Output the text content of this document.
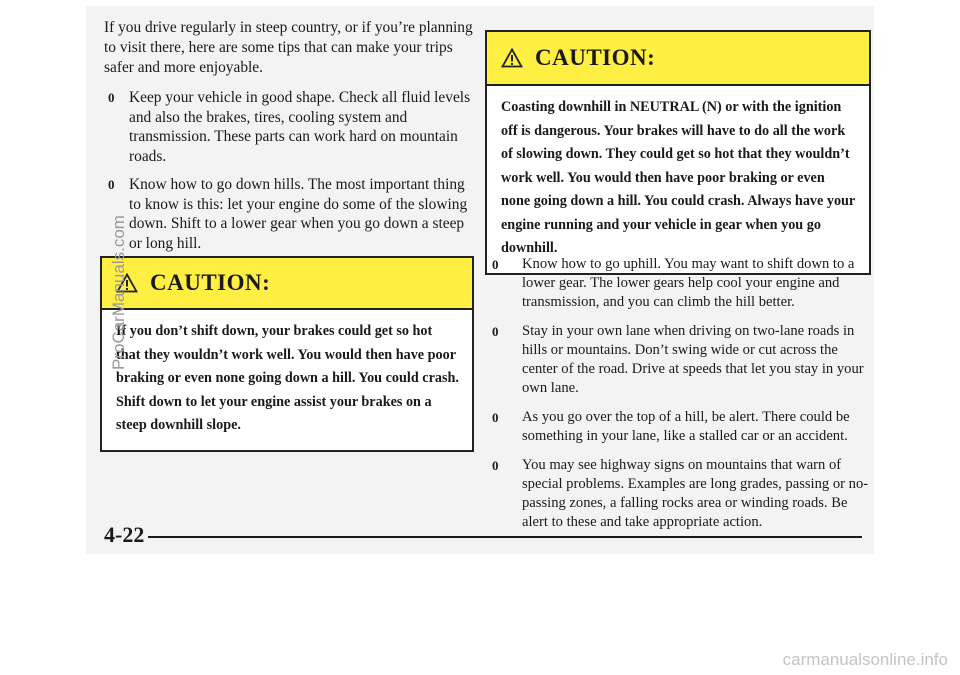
If you drive regularly in steep country, or if you’re planning to visit there, here are some tips that can make your trips safer and more enjoyable.

0 Keep your vehicle in good shape. Check all fluid levels and also the brakes, tires, cooling system and transmission. These parts can work hard on mountain roads.
0 Know how to go down hills. The most important thing to know is this: let your engine do some of the slowing down. Shift to a lower gear when you go down a steep or long hill.
CAUTION:
If you don’t shift down, your brakes could get so hot that they wouldn’t work well. You would then have poor braking or even none going down a hill. You could crash. Shift down to let your engine assist your brakes on a steep downhill slope.
CAUTION:
Coasting downhill in NEUTRAL (N) or with the ignition off is dangerous. Your brakes will have to do all the work of slowing down. They could get so hot that they wouldn’t work well. You would then have poor braking or even none going down a hill. You could crash. Always have your engine running and your vehicle in gear when you go downhill.
0 Know how to go uphill. You may want to shift down to a lower gear. The lower gears help cool your engine and transmission, and you can climb the hill better.
0 Stay in your own lane when driving on two-lane roads in hills or mountains. Don’t swing wide or cut across the center of the road. Drive at speeds that let you stay in your own lane.
0 As you go over the top of a hill, be alert. There could be something in your lane, like a stalled car or an accident.
0 You may see highway signs on mountains that warn of special problems. Examples are long grades, passing or no-passing zones, a falling rocks area or winding roads. Be alert to these and take appropriate action.
4-22
ProCarManuals.com
carmanualsonline.info
